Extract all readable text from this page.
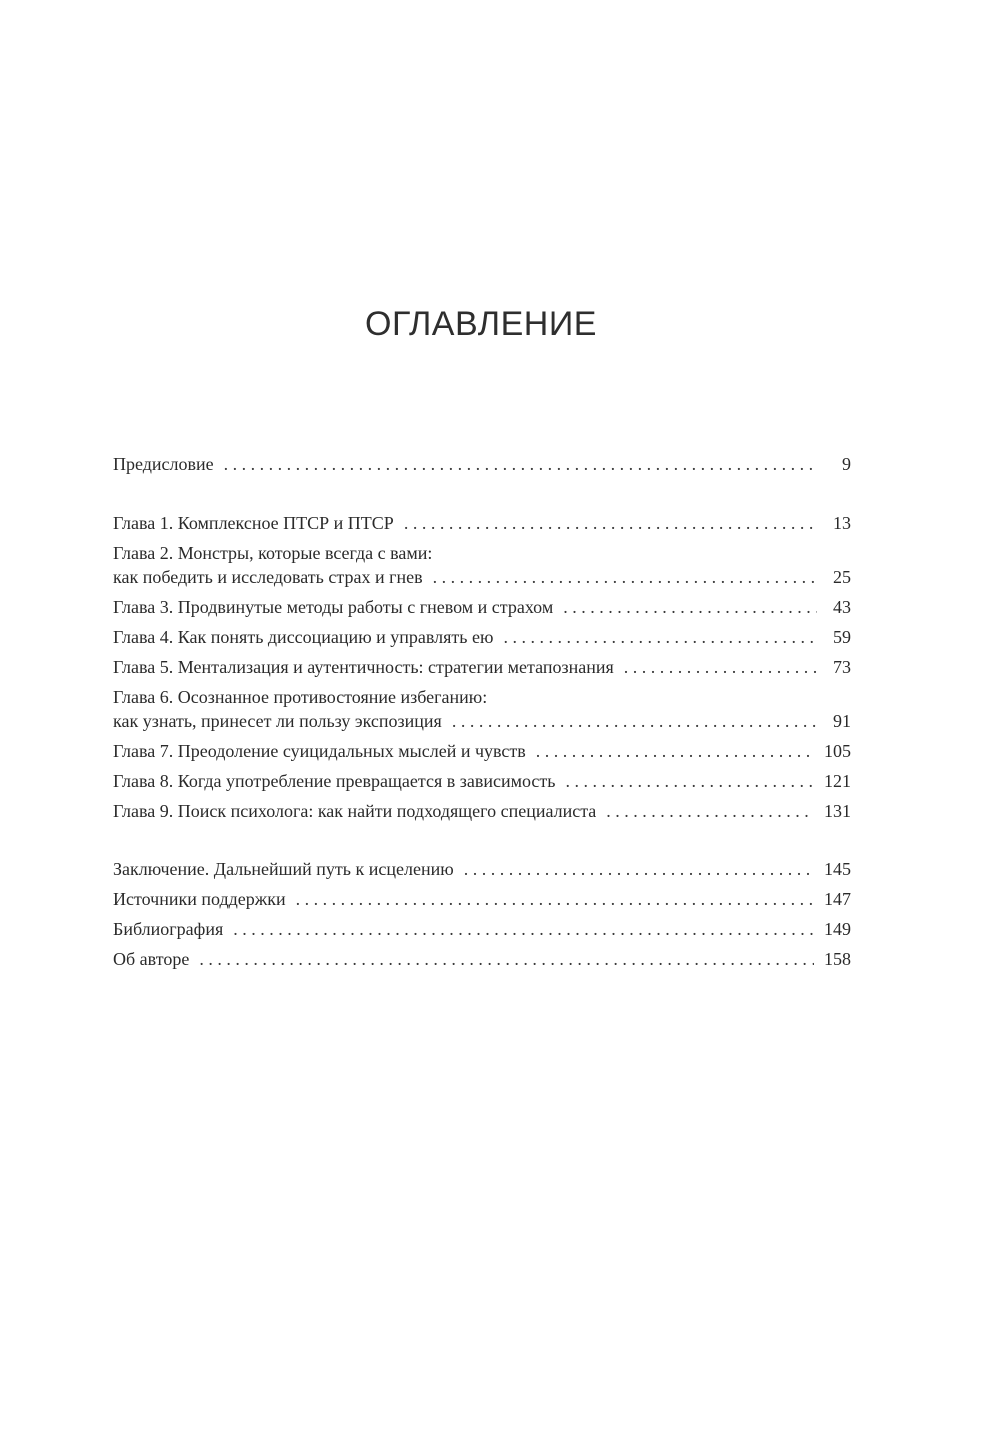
ОГЛАВЛЕНИЕ
Предисловие . . .	9
Глава 1. Комплексное ПТСР и ПТСР . . .	13
Глава 2. Монстры, которые всегда с вами:
как победить и исследовать страх и гнев . . .	25
Глава 3. Продвинутые методы работы с гневом и страхом . . .	43
Глава 4. Как понять диссоциацию и управлять ею . . .	59
Глава 5. Ментализация и аутентичность: стратегии метапознания . . .	73
Глава 6. Осознанное противостояние избеганию:
как узнать, принесет ли пользу экспозиция . . .	91
Глава 7. Преодоление суицидальных мыслей и чувств . . .	105
Глава 8. Когда употребление превращается в зависимость . . .	121
Глава 9. Поиск психолога: как найти подходящего специалиста . . .	131
Заключение. Дальнейший путь к исцелению . . .	145
Источники поддержки . . .	147
Библиография . . .	149
Об авторе . . .	158
